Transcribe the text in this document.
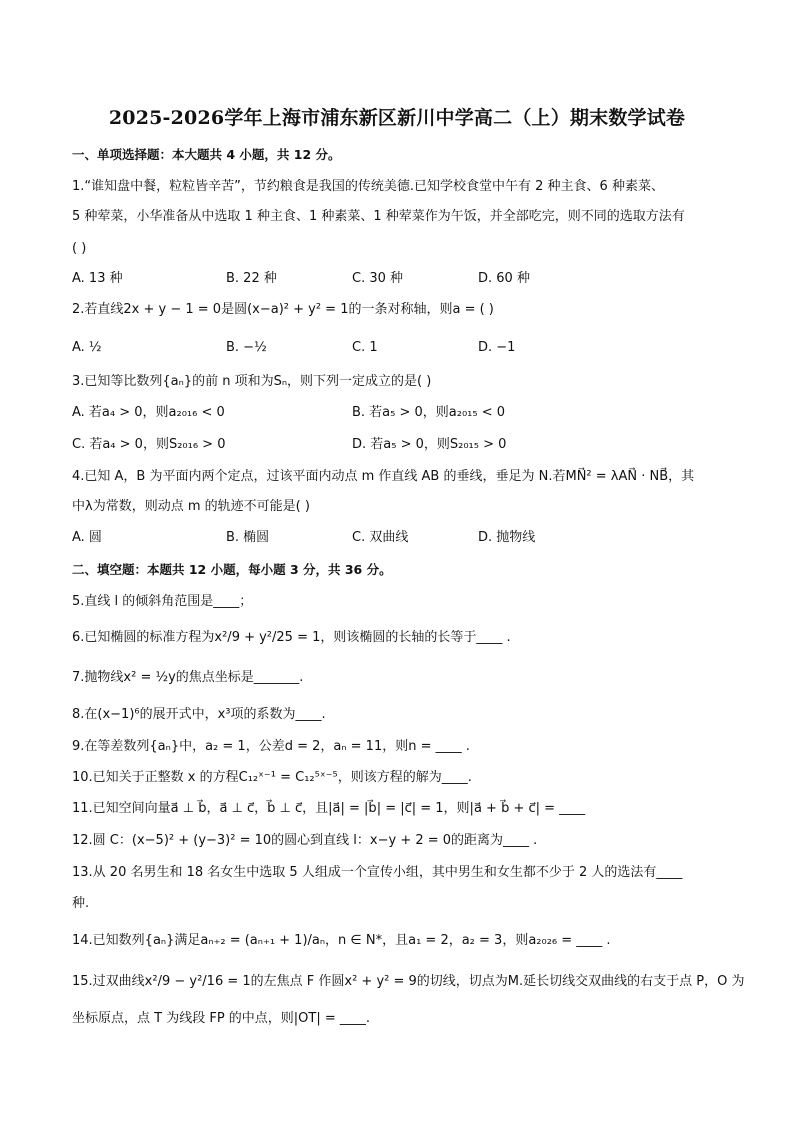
2025-2026学年上海市浦东新区新川中学高二（上）期末数学试卷
一、单项选择题：本大题共 4 小题，共 12 分。
1.“谁知盘中餐，粒粒皆辛苦”，节约粮食是我国的传统美德.已知学校食堂中午有 2 种主食、6 种素菜、
5 种荤菜，小华准备从中选取 1 种主食、1 种素菜、1 种荤菜作为午饭，并全部吃完，则不同的选取方法有
( )
A. 13 种	B. 22 种	C. 30 种	D. 60 种
2.若直线2x + y − 1 = 0是圆(x−a)² + y² = 1的一条对称轴，则a = ( )
A. ½	B. −½	C. 1	D. −1
3.已知等比数列{aₙ}的前 n 项和为Sₙ，则下列一定成立的是( )
A. 若a₄ > 0，则a₂₀₁₆ < 0	B. 若a₅ > 0，则a₂₀₁₅ < 0
C. 若a₄ > 0，则S₂₀₁₆ > 0	D. 若a₅ > 0，则S₂₀₁₅ > 0
4.已知 A，B 为平面内两个定点，过该平面内动点 m 作直线 AB 的垂线，垂足为 N.若MN⃗² = λAN⃗ · NB⃗，其
中λ为常数，则动点 m 的轨迹不可能是( )
A. 圆	B. 椭圆	C. 双曲线	D. 抛物线
二、填空题：本题共 12 小题，每小题 3 分，共 36 分。
5.直线 l 的倾斜角范围是____；
6.已知椭圆的标准方程为x²/9 + y²/25 = 1，则该椭圆的长轴的长等于____ .
7.抛物线x² = ½y的焦点坐标是_______.
8.在(x−1)⁶的展开式中，x³项的系数为____.
9.在等差数列{aₙ}中，a₂ = 1，公差d = 2，aₙ = 11，则n = ____ .
10.已知关于正整数 x 的方程C₁₂ˣ⁻¹ = C₁₂⁵ˣ⁻⁵，则该方程的解为____.
11.已知空间向量a⃗ ⊥ b⃗，a⃗ ⊥ c⃗，b⃗ ⊥ c⃗，且|a⃗| = |b⃗| = |c⃗| = 1，则|a⃗ + b⃗ + c⃗| = ____
12.圆 C：(x−5)² + (y−3)² = 10的圆心到直线 l：x−y + 2 = 0的距离为____ .
13.从 20 名男生和 18 名女生中选取 5 人组成一个宣传小组，其中男生和女生都不少于 2 人的选法有____
种.
14.已知数列{aₙ}满足aₙ₊₂ = (aₙ₊₁ + 1)/aₙ，n ∈ N*，且a₁ = 2，a₂ = 3，则a₂₀₂₆ = ____ .
15.过双曲线x²/9 − y²/16 = 1的左焦点 F 作圆x² + y² = 9的切线，切点为M.延长切线交双曲线的右支于点 P，O 为
坐标原点，点 T 为线段 FP 的中点，则|OT| = ____.
